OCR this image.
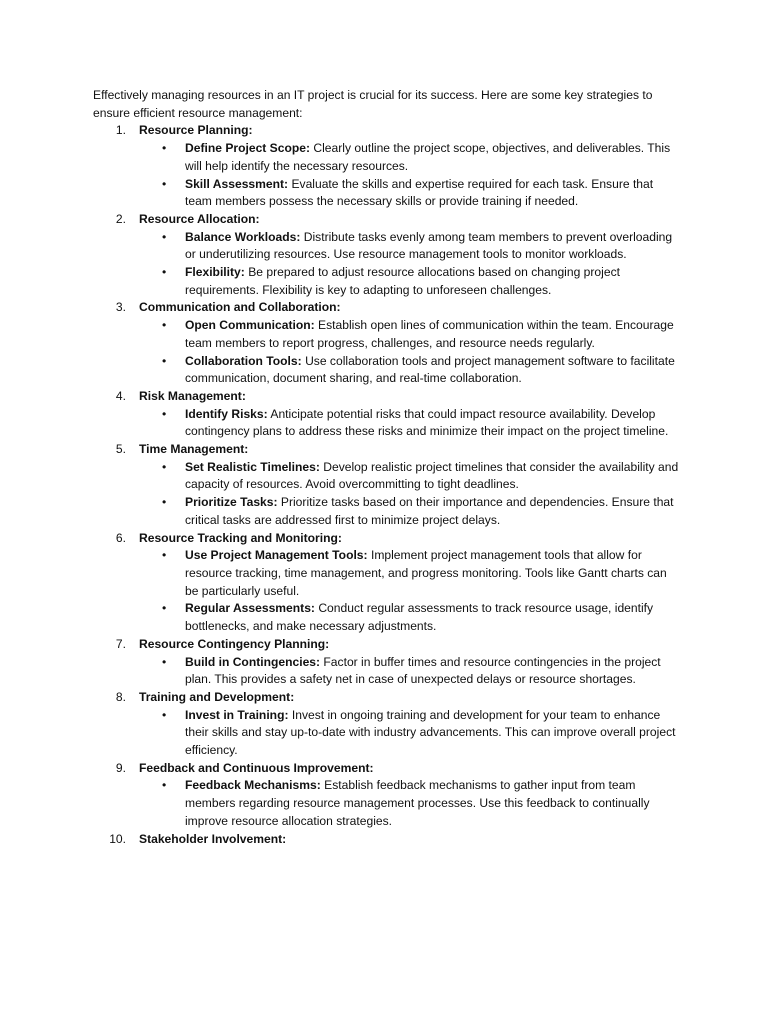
Effectively managing resources in an IT project is crucial for its success. Here are some key strategies to ensure efficient resource management:

1. Resource Planning:
• Define Project Scope: Clearly outline the project scope, objectives, and deliverables. This will help identify the necessary resources.
• Skill Assessment: Evaluate the skills and expertise required for each task. Ensure that team members possess the necessary skills or provide training if needed.
2. Resource Allocation:
• Balance Workloads: Distribute tasks evenly among team members to prevent overloading or underutilizing resources. Use resource management tools to monitor workloads.
• Flexibility: Be prepared to adjust resource allocations based on changing project requirements. Flexibility is key to adapting to unforeseen challenges.
3. Communication and Collaboration:
• Open Communication: Establish open lines of communication within the team. Encourage team members to report progress, challenges, and resource needs regularly.
• Collaboration Tools: Use collaboration tools and project management software to facilitate communication, document sharing, and real-time collaboration.
4. Risk Management:
• Identify Risks: Anticipate potential risks that could impact resource availability. Develop contingency plans to address these risks and minimize their impact on the project timeline.
5. Time Management:
• Set Realistic Timelines: Develop realistic project timelines that consider the availability and capacity of resources. Avoid overcommitting to tight deadlines.
• Prioritize Tasks: Prioritize tasks based on their importance and dependencies. Ensure that critical tasks are addressed first to minimize project delays.
6. Resource Tracking and Monitoring:
• Use Project Management Tools: Implement project management tools that allow for resource tracking, time management, and progress monitoring. Tools like Gantt charts can be particularly useful.
• Regular Assessments: Conduct regular assessments to track resource usage, identify bottlenecks, and make necessary adjustments.
7. Resource Contingency Planning:
• Build in Contingencies: Factor in buffer times and resource contingencies in the project plan. This provides a safety net in case of unexpected delays or resource shortages.
8. Training and Development:
• Invest in Training: Invest in ongoing training and development for your team to enhance their skills and stay up-to-date with industry advancements. This can improve overall project efficiency.
9. Feedback and Continuous Improvement:
• Feedback Mechanisms: Establish feedback mechanisms to gather input from team members regarding resource management processes. Use this feedback to continually improve resource allocation strategies.
10. Stakeholder Involvement:
